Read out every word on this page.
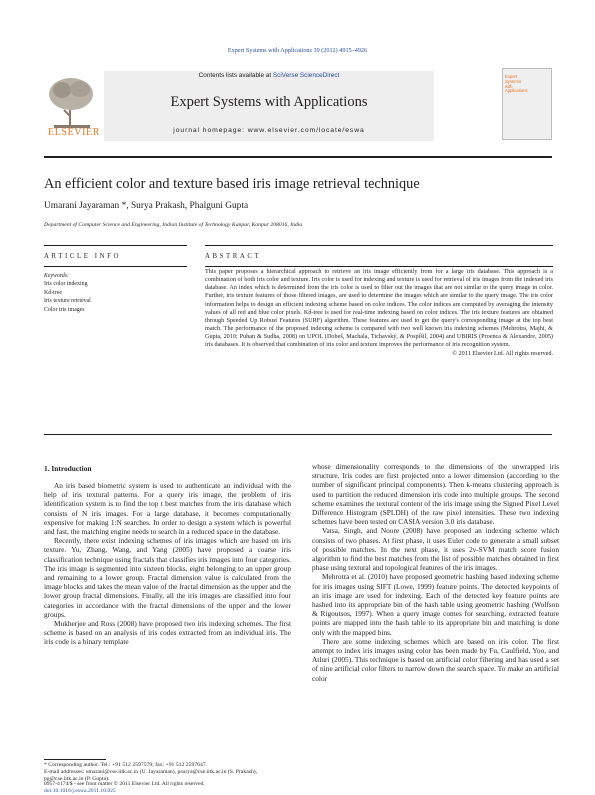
Expert Systems with Applications 39 (2012) 4915–4926
Contents lists available at SciVerse ScienceDirect
Expert Systems with Applications
journal homepage: www.elsevier.com/locate/eswa
ELSEVIER
Expert
Systems
with
Applications
An efficient color and texture based iris image retrieval technique
Umarani Jayaraman *, Surya Prakash, Phalguni Gupta
Department of Computer Science and Engineering, Indian Institute of Technology Kanpur, Kanpur 208016, India
ARTICLE INFO
Keywords:
Iris color indexing
Kd-tree
Iris texture retrieval
Color iris images
ABSTRACT

This paper proposes a hierarchical approach to retrieve an iris image efficiently from for a large iris database. This approach is a combination of both iris color and texture. Iris color is used for indexing and texture is used for retrieval of iris images from the indexed iris database. An index which is determined from the iris color is used to filter out the images that are not similar to the query image in color. Further, iris texture features of those filtered images, are used to determine the images which are similar to the query image. The iris color information helps to design an efficient indexing scheme based on color indices. The color indices are computed by averaging the intensity values of all red and blue color pixels. Kd-tree is used for real-time indexing based on color indices. The iris texture features are obtained through Speeded Up Robust Features (SURF) algorithm. These features are used to get the query's corresponding image at the top best match. The performance of the proposed indexing scheme is compared with two well known iris indexing schemes (Mehrotra, Majhi, & Gupta, 2010; Puhan & Sudha, 2008) on UPOL (Dobeš, Machala, Tichavský, & Pospíšil, 2004) and UBIRIS (Proenca & Alexandre, 2005) iris databases. It is observed that combination of iris color and texture improves the performance of iris recognition system.

© 2011 Elsevier Ltd. All rights reserved.

1. Introduction

An iris based biometric system is used to authenticate an individual with the help of iris textural patterns. For a query iris image, the problem of iris identification system is to find the top t best matches from the iris database which consists of N iris images. For a large database, it becomes computationally expensive for making 1:N searches. In order to design a system which is powerful and fast, the matching engine needs to search in a reduced space in the database.

Recently, there exist indexing schemes of iris images which are based on iris texture. Yu, Zhang, Wang, and Yang (2005) have proposed a coarse iris classification technique using fractals that classifies iris images into four categories. The iris image is segmented into sixteen blocks, eight belonging to an upper group and remaining to a lower group. Fractal dimension value is calculated from the image blocks and takes the mean value of the fractal dimension as the upper and the lower group fractal dimensions. Finally, all the iris images are classified into four categories in accordance with the fractal dimensions of the upper and the lower groups.

Mukherjee and Ross (2008) have proposed two iris indexing schemes. The first scheme is based on an analysis of iris codes extracted from an individual iris. The iris code is a binary template

whose dimensionality corresponds to the dimensions of the unwrapped iris structure. Iris codes are first projected onto a lower dimension (according to the number of significant principal components). Then k-means clustering approach is used to partition the reduced dimension iris code into multiple groups. The second scheme examines the textural content of the iris image using the Signed Pixel Level Difference Histogram (SPLDH) of the raw pixel intensities. These two indexing schemes have been tested on CASIA version 3.0 iris database.

Vatsa, Singh, and Noore (2008) have proposed an indexing scheme which consists of two phases. At first phase, it uses Euler code to generate a small subset of possible matches. In the next phase, it uses 2ν-SVM match score fusion algorithm to find the best matches from the list of possible matches obtained in first phase using textural and topological features of the iris images.

Mehrotra et al. (2010) have proposed geometric hashing based indexing scheme for iris images using SIFT (Lowe, 1999) feature points. The detected keypoints of an iris image are used for indexing. Each of the detected key feature points are hashed into its appropriate bin of the hash table using geometric hashing (Wolfson & Rigoutsos, 1997). When a query image comes for searching, extracted feature points are mapped into the hash table to its appropriate bin and matching is done only with the mapped bins.

There are some indexing schemes which are based on iris color. The first attempt to index iris images using color has been made by Fu, Caulfield, Yoo, and Atluri (2005). This technique is based on artificial color filtering and has used a set of nine artificial color filters to narrow down the search space. To make an artificial color

* Corresponding author. Tel.: +91 512 2597579; fax: +91 512 2597647.
E-mail addresses: umarani@cse.iitk.ac.in (U. Jayaraman), psurya@cse.iitk.ac.in (S. Prakash), pg@cse.iitk.ac.in (P. Gupta).
0957-4174/$ - see front matter © 2011 Elsevier Ltd. All rights reserved.
doi:10.1016/j.eswa.2011.10.025
